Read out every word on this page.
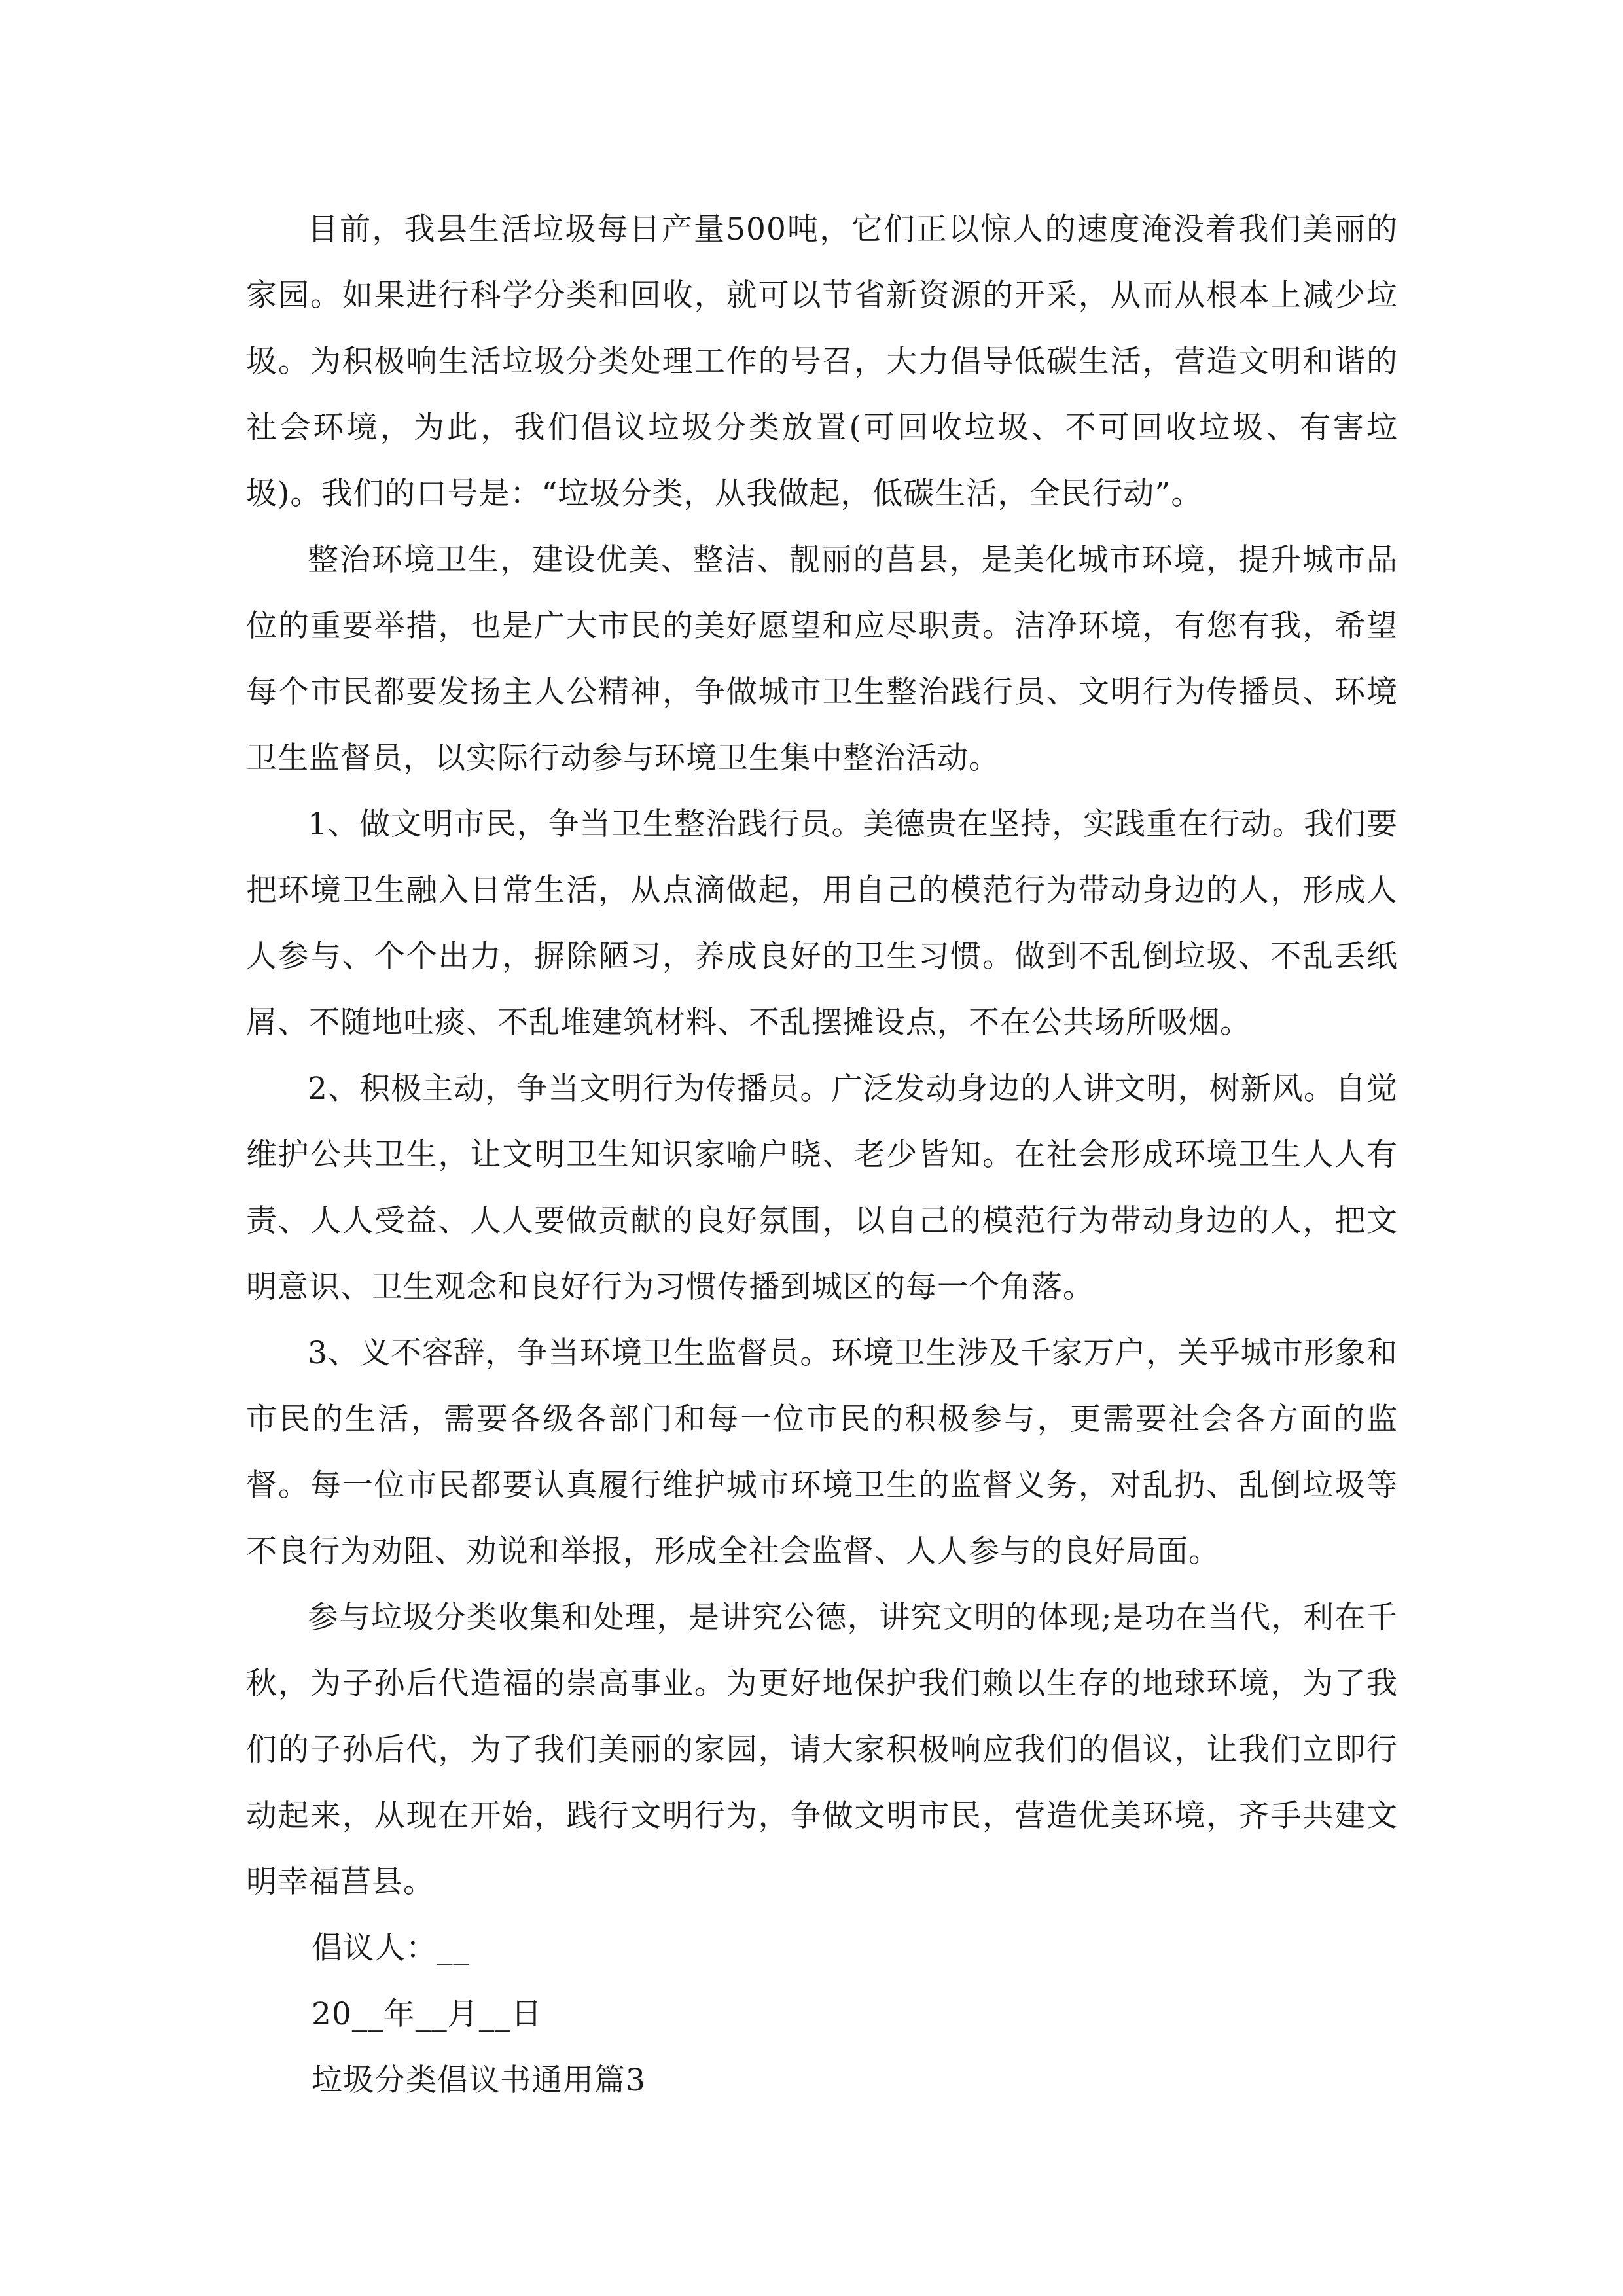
目前，我县生活垃圾每日产量500吨，它们正以惊人的速度淹没着我们美丽的家园。如果进行科学分类和回收，就可以节省新资源的开采，从而从根本上减少垃圾。为积极响生活垃圾分类处理工作的号召，大力倡导低碳生活，营造文明和谐的社会环境，为此，我们倡议垃圾分类放置(可回收垃圾、不可回收垃圾、有害垃圾)。我们的口号是：“垃圾分类，从我做起，低碳生活，全民行动”。

整治环境卫生，建设优美、整洁、靓丽的莒县，是美化城市环境，提升城市品位的重要举措，也是广大市民的美好愿望和应尽职责。洁净环境，有您有我，希望每个市民都要发扬主人公精神，争做城市卫生整治践行员、文明行为传播员、环境卫生监督员，以实际行动参与环境卫生集中整治活动。

1、做文明市民，争当卫生整治践行员。美德贵在坚持，实践重在行动。我们要把环境卫生融入日常生活，从点滴做起，用自己的模范行为带动身边的人，形成人人参与、个个出力，摒除陋习，养成良好的卫生习惯。做到不乱倒垃圾、不乱丢纸屑、不随地吐痰、不乱堆建筑材料、不乱摆摊设点，不在公共场所吸烟。

2、积极主动，争当文明行为传播员。广泛发动身边的人讲文明，树新风。自觉维护公共卫生，让文明卫生知识家喻户晓、老少皆知。在社会形成环境卫生人人有责、人人受益、人人要做贡献的良好氛围，以自己的模范行为带动身边的人，把文明意识、卫生观念和良好行为习惯传播到城区的每一个角落。

3、义不容辞，争当环境卫生监督员。环境卫生涉及千家万户，关乎城市形象和市民的生活，需要各级各部门和每一位市民的积极参与，更需要社会各方面的监督。每一位市民都要认真履行维护城市环境卫生的监督义务，对乱扔、乱倒垃圾等不良行为劝阻、劝说和举报，形成全社会监督、人人参与的良好局面。

参与垃圾分类收集和处理，是讲究公德，讲究文明的体现;是功在当代，利在千秋，为子孙后代造福的崇高事业。为更好地保护我们赖以生存的地球环境，为了我们的子孙后代，为了我们美丽的家园，请大家积极响应我们的倡议，让我们立即行动起来，从现在开始，践行文明行为，争做文明市民，营造优美环境，齐手共建文明幸福莒县。

倡议人：__

20__年__月__日

垃圾分类倡议书通用篇3
